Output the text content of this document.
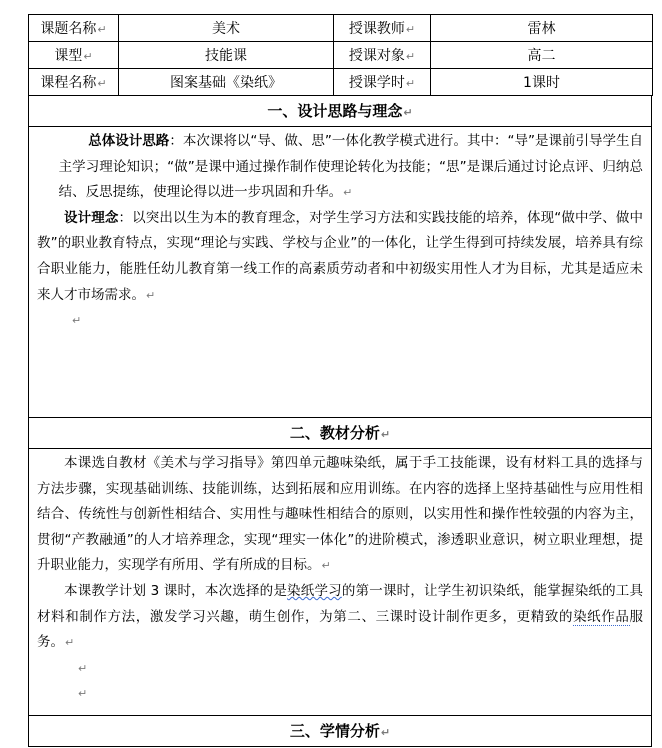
课题名称↵	美术	授课教师↵	雷林
课型↵	技能课	授课对象↵	高二
课程名称↵	图案基础《染纸》	授课学时↵	1课时
一、设计思路与理念↵

总体设计思路：本次课将以“导、做、思”一体化教学模式进行。其中：“导”是课前引导学生自主学习理论知识；“做”是课中通过操作制作使理论转化为技能；“思”是课后通过讨论点评、归纳总结、反思提练，使理论得以进一步巩固和升华。↵

设计理念：以突出以生为本的教育理念，对学生学习方法和实践技能的培养，体现“做中学、做中教”的职业教育特点，实现“理论与实践、学校与企业”的一体化，让学生得到可持续发展，培养具有综合职业能力，能胜任幼儿教育第一线工作的高素质劳动者和中初级实用性人才为目标，尤其是适应未来人才市场需求。↵

↵
二、教材分析↵

本课选自教材《美术与学习指导》第四单元趣味染纸，属于手工技能课，设有材料工具的选择与方法步骤，实现基础训练、技能训练，达到拓展和应用训练。在内容的选择上坚持基础性与应用性相结合、传统性与创新性相结合、实用性与趣味性相结合的原则，以实用性和操作性较强的内容为主，贯彻“产教融通”的人才培养理念，实现“理实一体化”的进阶模式，渗透职业意识，树立职业理想，提升职业能力，实现学有所用、学有所成的目标。↵

本课教学计划 3 课时，本次选择的是染纸学习的第一课时，让学生初识染纸，能掌握染纸的工具材料和制作方法，激发学习兴趣，萌生创作，为第二、三课时设计制作更多，更精致的染纸作品服务。↵

↵
↵
三、学情分析↵
